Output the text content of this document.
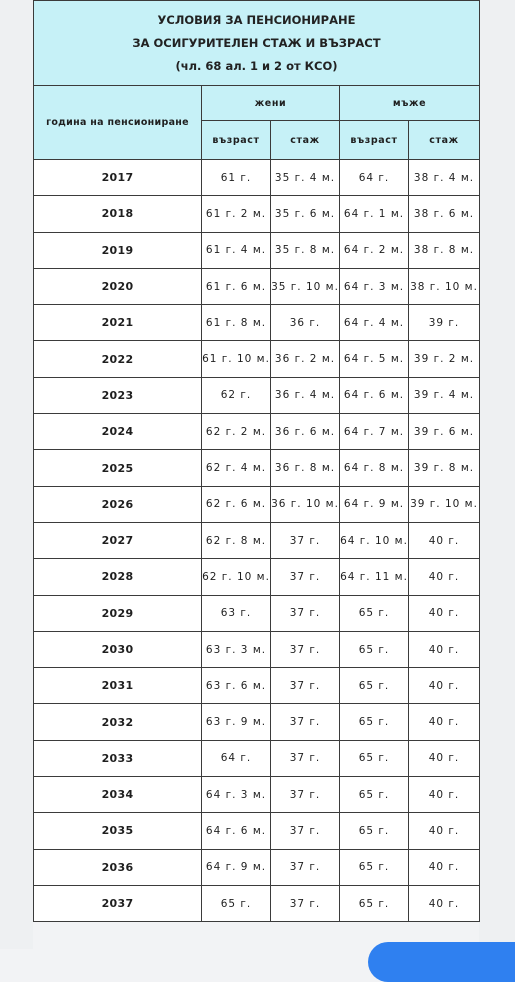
УСЛОВИЯ ЗА ПЕНСИОНИРАНЕ
ЗА ОСИГУРИТЕЛЕН СТАЖ И ВЪЗРАСТ
(чл. 68 ал. 1 и 2 от КСО)				

година на пенсиониране	жени		мъже	
	възраст	стаж	възраст	стаж
2017	61 г.	35 г. 4 м.	64 г.	38 г. 4 м.
2018	61 г. 2 м.	35 г. 6 м.	64 г. 1 м.	38 г. 6 м.
2019	61 г. 4 м.	35 г. 8 м.	64 г. 2 м.	38 г. 8 м.
2020	61 г. 6 м.	35 г. 10 м.	64 г. 3 м.	38 г. 10 м.
2021	61 г. 8 м.	36 г.	64 г. 4 м.	39 г.
2022	61 г. 10 м.	36 г. 2 м.	64 г. 5 м.	39 г. 2 м.
2023	62 г.	36 г. 4 м.	64 г. 6 м.	39 г. 4 м.
2024	62 г. 2 м.	36 г. 6 м.	64 г. 7 м.	39 г. 6 м.
2025	62 г. 4 м.	36 г. 8 м.	64 г. 8 м.	39 г. 8 м.
2026	62 г. 6 м.	36 г. 10 м.	64 г. 9 м.	39 г. 10 м.
2027	62 г. 8 м.	37 г.	64 г. 10 м.	40 г.
2028	62 г. 10 м.	37 г.	64 г. 11 м.	40 г.
2029	63 г.	37 г.	65 г.	40 г.
2030	63 г. 3 м.	37 г.	65 г.	40 г.
2031	63 г. 6 м.	37 г.	65 г.	40 г.
2032	63 г. 9 м.	37 г.	65 г.	40 г.
2033	64 г.	37 г.	65 г.	40 г.
2034	64 г. 3 м.	37 г.	65 г.	40 г.
2035	64 г. 6 м.	37 г.	65 г.	40 г.
2036	64 г. 9 м.	37 г.	65 г.	40 г.
2037	65 г.	37 г.	65 г.	40 г.
